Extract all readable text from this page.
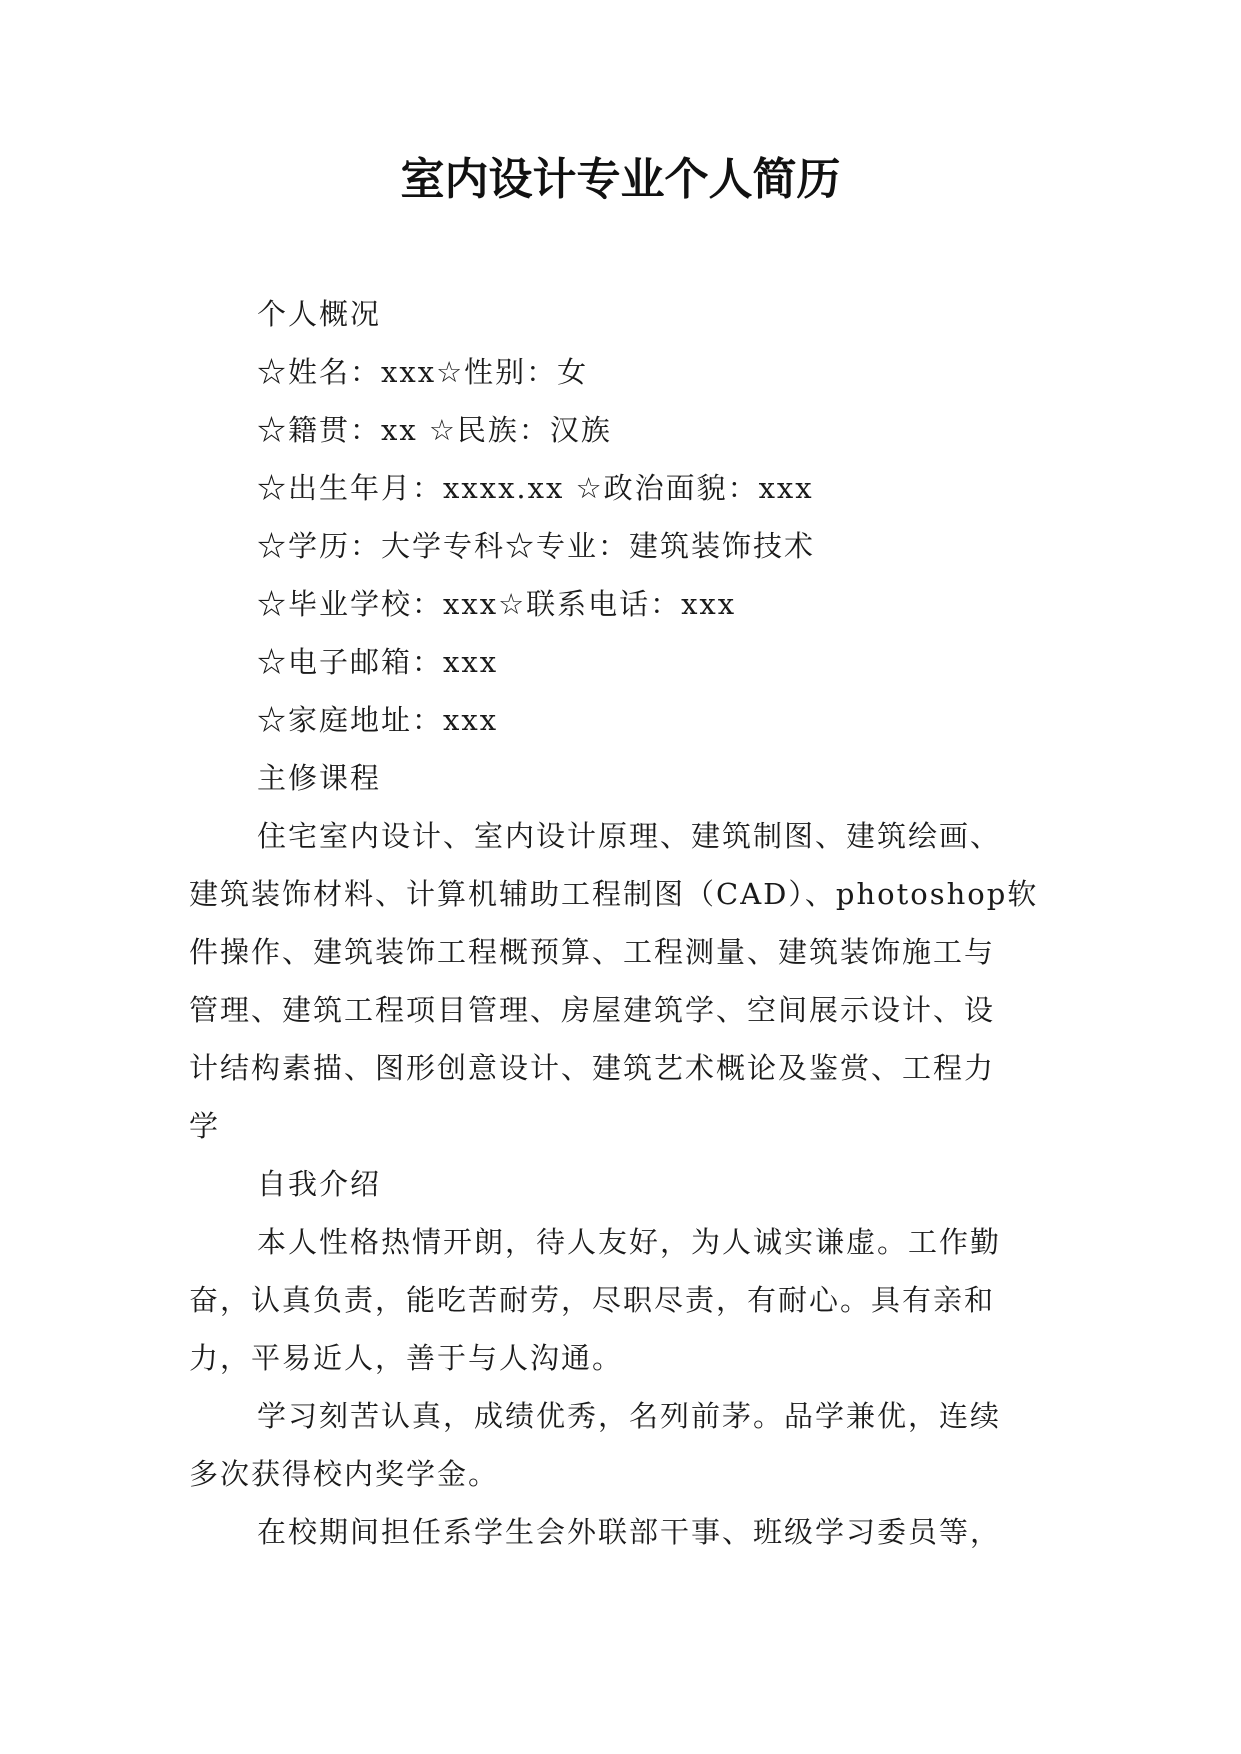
室内设计专业个人简历

个人概况

☆姓名：xxx☆性别：女

☆籍贯：xx ☆民族：汉族

☆出生年月：xxxx.xx ☆政治面貌：xxx

☆学历：大学专科☆专业：建筑装饰技术

☆毕业学校：xxx☆联系电话：xxx

☆电子邮箱：xxx

☆家庭地址：xxx

主修课程

住宅室内设计、室内设计原理、建筑制图、建筑绘画、

建筑装饰材料、计算机辅助工程制图（CAD）、photoshop软

件操作、建筑装饰工程概预算、工程测量、建筑装饰施工与

管理、建筑工程项目管理、房屋建筑学、空间展示设计、设

计结构素描、图形创意设计、建筑艺术概论及鉴赏、工程力

学

自我介绍

本人性格热情开朗，待人友好，为人诚实谦虚。工作勤

奋，认真负责，能吃苦耐劳，尽职尽责，有耐心。具有亲和

力，平易近人，善于与人沟通。

学习刻苦认真，成绩优秀，名列前茅。品学兼优，连续

多次获得校内奖学金。

在校期间担任系学生会外联部干事、班级学习委员等，
